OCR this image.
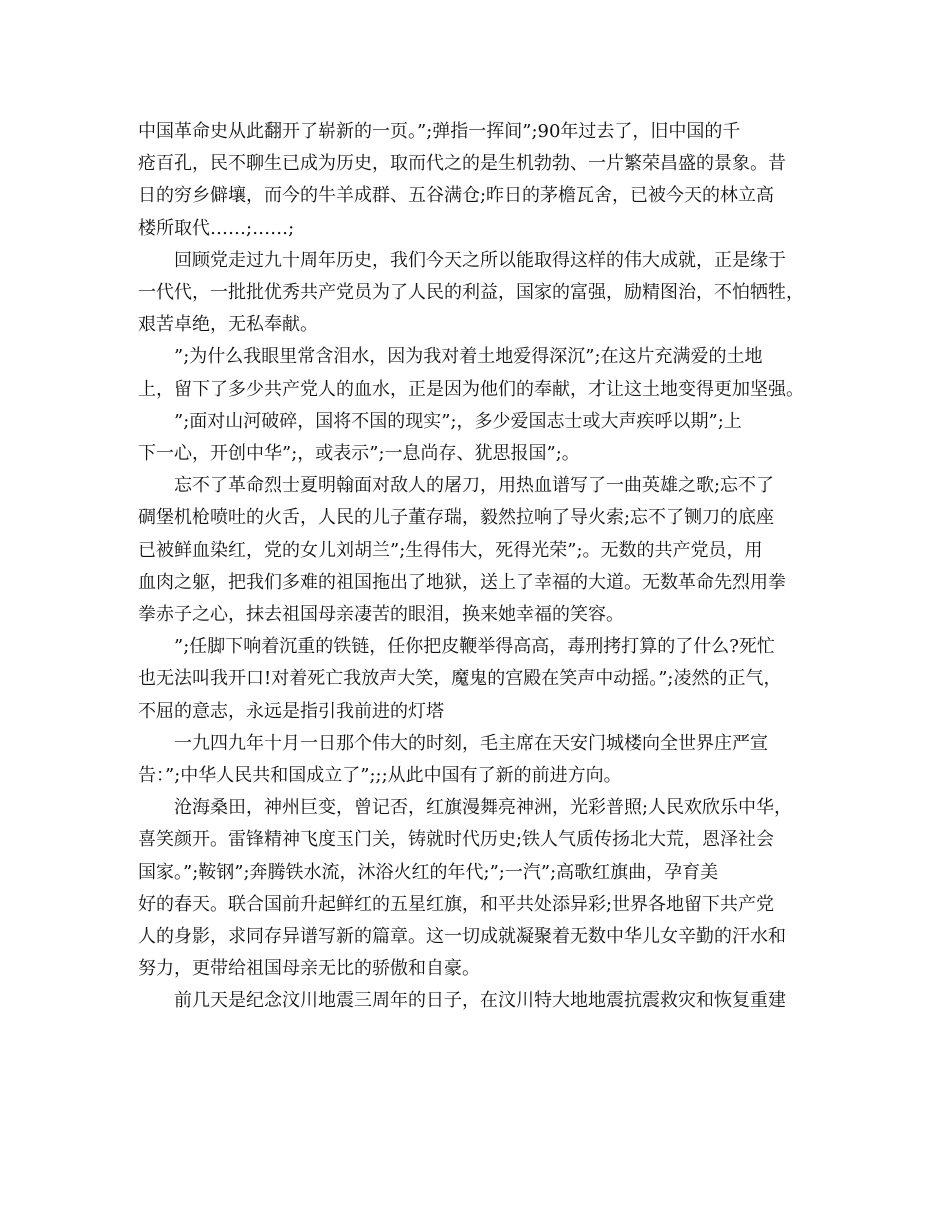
中国革命史从此翻开了崭新的一页。”;弹指一挥间”;90年过去了，旧中国的千
疮百孔，民不聊生已成为历史，取而代之的是生机勃勃、一片繁荣昌盛的景象。昔
日的穷乡僻壤，而今的牛羊成群、五谷满仓;昨日的茅檐瓦舍，已被今天的林立高
楼所取代……;……;

　　回顾党走过九十周年历史，我们今天之所以能取得这样的伟大成就，正是缘于
一代代，一批批优秀共产党员为了人民的利益，国家的富强，励精图治，不怕牺牲，
艰苦卓绝，无私奉献。

　　”;为什么我眼里常含泪水，因为我对着土地爱得深沉”;在这片充满爱的土地
上，留下了多少共产党人的血水，正是因为他们的奉献，才让这土地变得更加坚强。

　　”;面对山河破碎，国将不国的现实”;，多少爱国志士或大声疾呼以期”;上
下一心，开创中华”;，或表示”;一息尚存、犹思报国”;。

　　忘不了革命烈士夏明翰面对敌人的屠刀，用热血谱写了一曲英雄之歌;忘不了
碉堡机枪喷吐的火舌，人民的儿子董存瑞，毅然拉响了导火索;忘不了铡刀的底座
已被鲜血染红，党的女儿刘胡兰”;生得伟大，死得光荣”;。无数的共产党员，用
血肉之躯，把我们多难的祖国拖出了地狱，送上了幸福的大道。无数革命先烈用拳
拳赤子之心，抹去祖国母亲凄苦的眼泪，换来她幸福的笑容。

　　”;任脚下响着沉重的铁链，任你把皮鞭举得高高，毒刑拷打算的了什么?死忙
也无法叫我开口!对着死亡我放声大笑，魔鬼的宫殿在笑声中动摇。”;凌然的正气，
不屈的意志，永远是指引我前进的灯塔

　　一九四九年十月一日那个伟大的时刻，毛主席在天安门城楼向全世界庄严宣
告：”;中华人民共和国成立了”;;;从此中国有了新的前进方向。

　　沧海桑田，神州巨变，曾记否，红旗漫舞亮神洲，光彩普照;人民欢欣乐中华，
喜笑颜开。雷锋精神飞度玉门关，铸就时代历史;铁人气质传扬北大荒，恩泽社会
国家。”;鞍钢”;奔腾铁水流，沐浴火红的年代;”;一汽”;高歌红旗曲，孕育美
好的春天。联合国前升起鲜红的五星红旗，和平共处添异彩;世界各地留下共产党
人的身影，求同存异谱写新的篇章。这一切成就凝聚着无数中华儿女辛勤的汗水和
努力，更带给祖国母亲无比的骄傲和自豪。

　　前几天是纪念汶川地震三周年的日子，在汶川特大地地震抗震救灾和恢复重建
